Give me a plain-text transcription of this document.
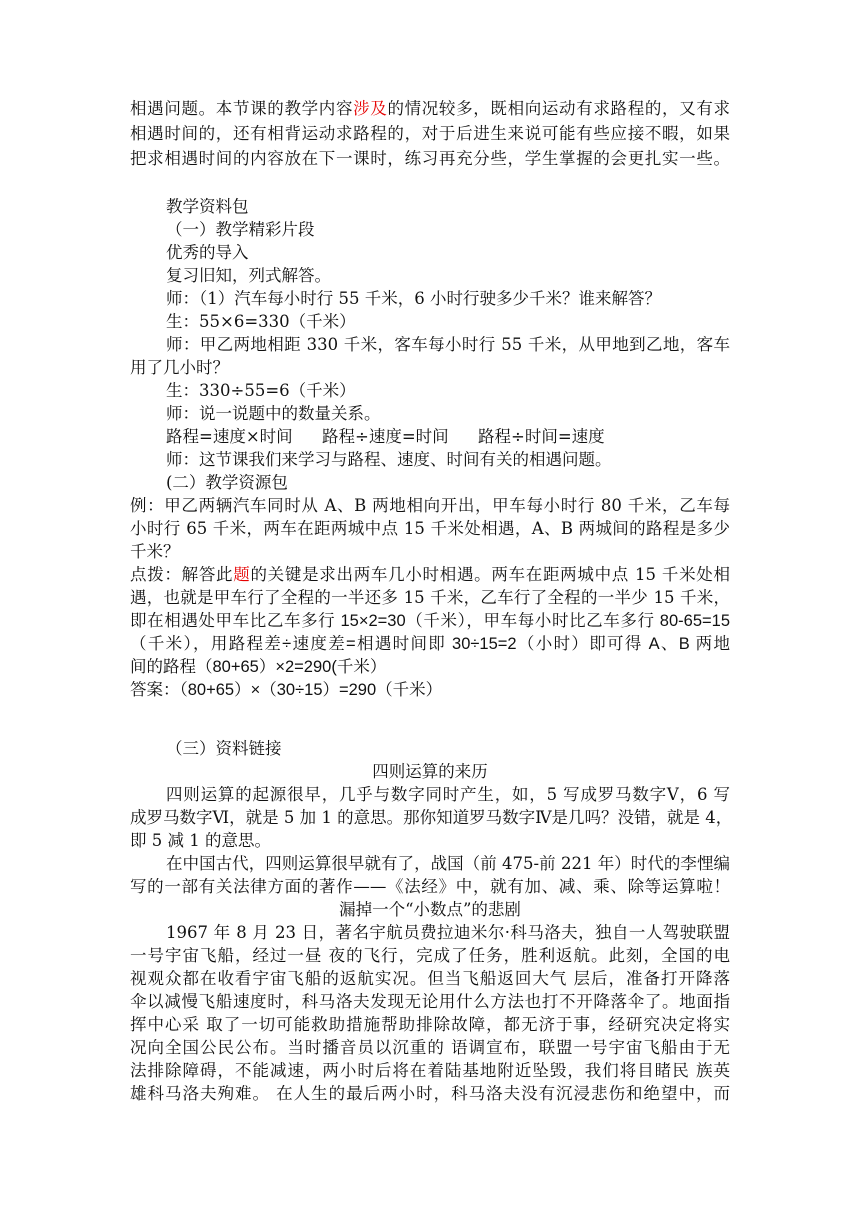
相遇问题。本节课的教学内容涉及的情况较多，既相向运动有求路程的，又有求
相遇时间的，还有相背运动求路程的，对于后进生来说可能有些应接不暇，如果
把求相遇时间的内容放在下一课时，练习再充分些，学生掌握的会更扎实一些。
教学资料包
（一）教学精彩片段
优秀的导入
复习旧知，列式解答。
师：（1）汽车每小时行 55 千米，6 小时行驶多少千米？谁来解答？
生：55×6=330（千米）
师：甲乙两地相距 330 千米，客车每小时行 55 千米，从甲地到乙地，客车
用了几小时？
生：330÷55=6（千米）
师：说一说题中的数量关系。
路程=速度×时间 路程÷速度=时间 路程÷时间=速度
师：这节课我们来学习与路程、速度、时间有关的相遇问题。
(二）教学资源包
例：甲乙两辆汽车同时从 A、B 两地相向开出，甲车每小时行 80 千米，乙车每
小时行 65 千米，两车在距两城中点 15 千米处相遇，A、B 两城间的路程是多少
千米？
点拨：解答此题的关键是求出两车几小时相遇。两车在距两城中点 15 千米处相
遇，也就是甲车行了全程的一半还多 15 千米，乙车行了全程的一半少 15 千米，
即在相遇处甲车比乙车多行 15×2=30（千米），甲车每小时比乙车多行 80-65=15
（千米），用路程差÷速度差=相遇时间即 30÷15=2（小时）即可得 A、B 两地
间的路程（80+65）×2=290(千米）
答案：（80+65）×（30÷15）=290（千米）
（三）资料链接
四则运算的来历
四则运算的起源很早，几乎与数字同时产生，如，5 写成罗马数字Ⅴ，6 写
成罗马数字Ⅵ，就是 5 加 1 的意思。那你知道罗马数字Ⅳ是几吗？没错，就是 4，
即 5 减 1 的意思。
在中国古代，四则运算很早就有了，战国（前 475-前 221 年）时代的李悝编
写的一部有关法律方面的著作——《法经》中，就有加、减、乘、除等运算啦！
漏掉一个“小数点”的悲剧
1967 年 8 月 23 日，著名宇航员费拉迪米尔·科马洛夫，独自一人驾驶联盟
一号宇宙飞船，经过一昼 夜的飞行，完成了任务，胜利返航。此刻，全国的电
视观众都在收看宇宙飞船的返航实况。但当飞船返回大气 层后，准备打开降落
伞以减慢飞船速度时，科马洛夫发现无论用什么方法也打不开降落伞了。地面指
挥中心采 取了一切可能救助措施帮助排除故障，都无济于事，经研究决定将实
况向全国公民公布。当时播音员以沉重的 语调宣布，联盟一号宇宙飞船由于无
法排除障碍，不能减速，两小时后将在着陆基地附近坠毁，我们将目睹民 族英
雄科马洛夫殉难。 在人生的最后两小时，科马洛夫没有沉浸悲伤和绝望中，而
